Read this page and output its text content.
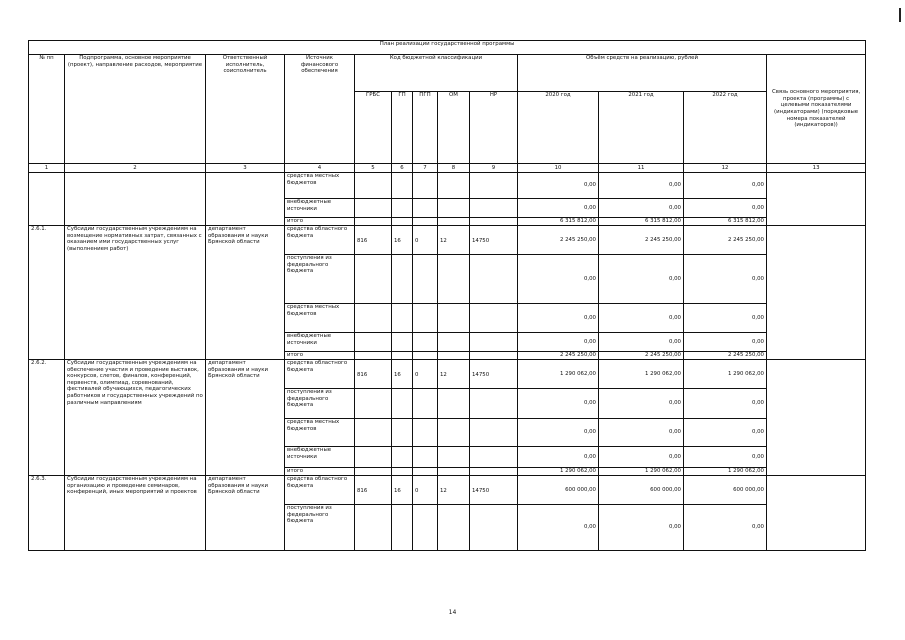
План реализации государственной программы												
№ пп	Подпрограмма, основное мероприятие (проект), направление расходов, мероприятие	Ответственный исполнитель, соисполнитель	Источник финансового обеспечения	Код бюджетной классификации					Объём средств на реализацию, рублей			Связь основного мероприятия, проекта (программы) с целевыми показателями (индикаторами) (порядковые номера показателей (индикаторов))
				ГРБС	ГП	ПГП	ОМ	НР	2020 год	2021 год	2022 год	
1	2	3	4	5	6	7	8	9	10	11	12	13
			средства местных бюджетов						0,00	0,00	0,00	
			внебюджетные источники						0,00	0,00	0,00	
			итого						6 315 812,00	6 315 812,00	6 315 812,00	
2.6.1.	Субсидии государственным учреждениям на возмещение нормативных затрат, связанных с оказанием ими государственных услуг (выполнением работ)	департамент образования и науки Брянской области	средства областного бюджета	816	16	0	12	14750	2 245 250,00	2 245 250,00	2 245 250,00	
			поступления из федерального бюджета						0,00	0,00	0,00	
			средства местных бюджетов						0,00	0,00	0,00	
			внебюджетные источники						0,00	0,00	0,00	
			итого						2 245 250,00	2 245 250,00	2 245 250,00	
2.6.2.	Субсидии государственным учреждениям на обеспечение участия и проведение выставок, конкурсов, слетов, финалов, конференций, первенств, олимпиад, соревнований, фестивалей обучающихся, педагогических работников и государственных учреждений по различным направлениям	департамент образования и науки Брянской области	средства областного бюджета	816	16	0	12	14750	1 290 062,00	1 290 062,00	1 290 062,00	
			поступления из федерального бюджета						0,00	0,00	0,00	
			средства местных бюджетов						0,00	0,00	0,00	
			внебюджетные источники						0,00	0,00	0,00	
			итого						1 290 062,00	1 290 062,00	1 290 062,00	
2.6.3.	Субсидии государственным учреждениям на организацию и проведение семинаров, конференций, иных мероприятий и проектов	департамент образования и науки Брянской области	средства областного бюджета	816	16	0	12	14750	600 000,00	600 000,00	600 000,00	
			поступления из федерального бюджета						0,00	0,00	0,00	
14
